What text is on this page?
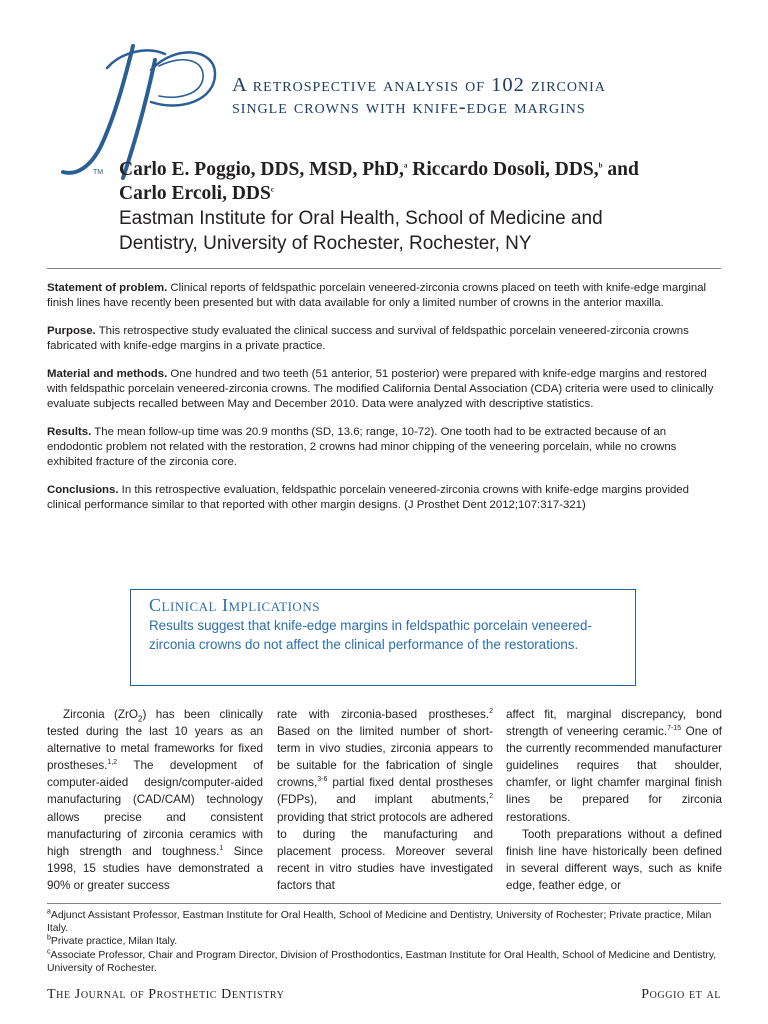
TM
A retrospective analysis of 102 zirconia
single crowns with knife-edge margins
Carlo E. Poggio, DDS, MSD, PhD,$^a$ Riccardo Dosoli, DDS,$^b$ and
Carlo Ercoli, DDS$^c$
Eastman Institute for Oral Health, School of Medicine and
Dentistry, University of Rochester, Rochester, NY

Statement of problem. Clinical reports of feldspathic porcelain veneered-zirconia crowns placed on teeth with knife-edge marginal finish lines have recently been presented but with data available for only a limited number of crowns in the anterior maxilla.

Purpose. This retrospective study evaluated the clinical success and survival of feldspathic porcelain veneered-zirconia crowns fabricated with knife-edge margins in a private practice.

Material and methods. One hundred and two teeth (51 anterior, 51 posterior) were prepared with knife-edge margins and restored with feldspathic porcelain veneered-zirconia crowns. The modified California Dental Association (CDA) criteria were used to clinically evaluate subjects recalled between May and December 2010. Data were analyzed with descriptive statistics.

Results. The mean follow-up time was 20.9 months (SD, 13.6; range, 10-72). One tooth had to be extracted because of an endodontic problem not related with the restoration, 2 crowns had minor chipping of the veneering porcelain, while no crowns exhibited fracture of the zirconia core.

Conclusions. In this retrospective evaluation, feldspathic porcelain veneered-zirconia crowns with knife-edge margins provided clinical performance similar to that reported with other margin designs. (J Prosthet Dent 2012;107:317-321)

Clinical Implications
Results suggest that knife-edge margins in feldspathic porcelain veneered-zirconia crowns do not affect the clinical performance of the restorations.

Zirconia (ZrO$_2$) has been clinically tested during the last 10 years as an alternative to metal frameworks for fixed prostheses.$^{1,2}$ The development of computer-aided design/computer-aided manufacturing (CAD/CAM) technology allows precise and consistent manufacturing of zirconia ceramics with high strength and toughness.$^1$ Since 1998, 15 studies have demonstrated a 90% or greater success

rate with zirconia-based prostheses.$^2$ Based on the limited number of short-term in vivo studies, zirconia appears to be suitable for the fabrication of single crowns,$^{3-6}$ partial fixed dental prostheses (FDPs), and implant abutments,$^2$ providing that strict protocols are adhered to during the manufacturing and placement process. Moreover several recent in vitro studies have investigated factors that

affect fit, marginal discrepancy, bond strength of veneering ceramic.$^{7-15}$ One of the currently recommended manufacturer guidelines requires that shoulder, chamfer, or light chamfer marginal finish lines be prepared for zirconia restorations.

Tooth preparations without a defined finish line have historically been defined in several different ways, such as knife edge, feather edge, or

$^a$Adjunct Assistant Professor, Eastman Institute for Oral Health, School of Medicine and Dentistry, University of Rochester; Private practice, Milan Italy.
$^b$Private practice, Milan Italy.
$^c$Associate Professor, Chair and Program Director, Division of Prosthodontics, Eastman Institute for Oral Health, School of Medicine and Dentistry, University of Rochester.
The Journal of Prosthetic Dentistry	Poggio et al
